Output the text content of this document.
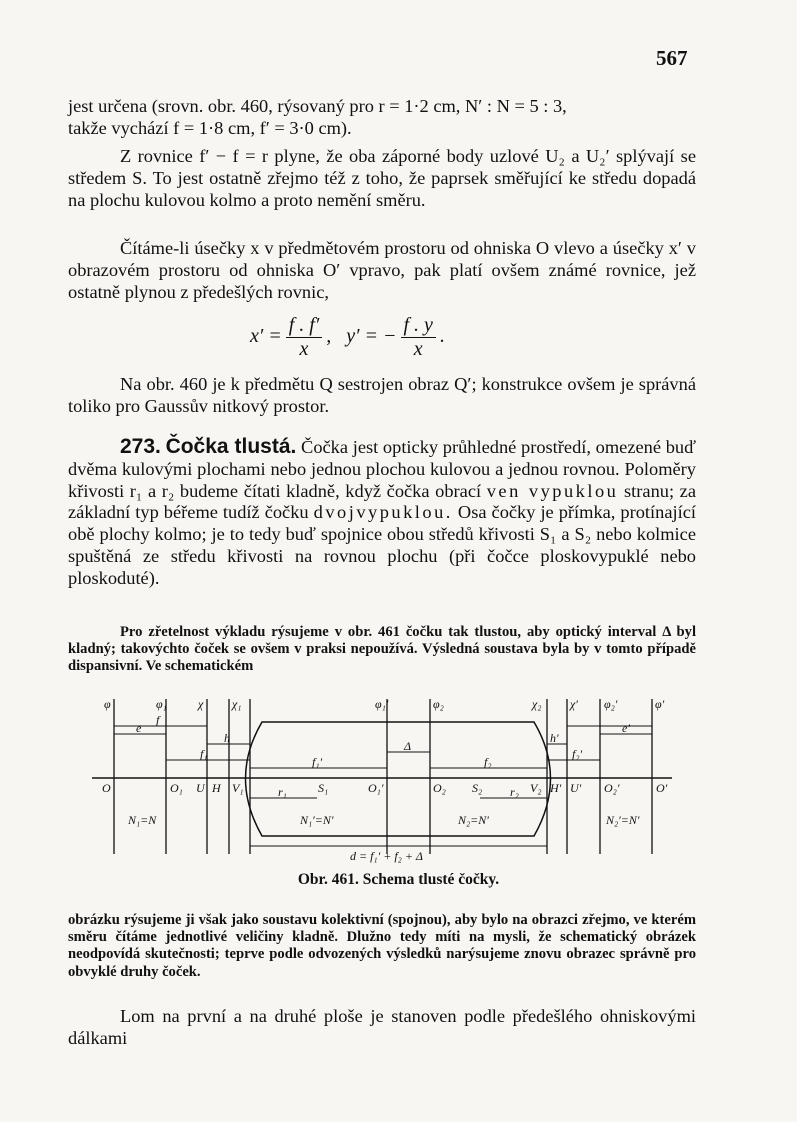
567
jest určena (srovn. obr. 460, rýsovaný pro r = 1·2 cm, N′ : N = 5 : 3,
takže vychází f = 1·8 cm, f′ = 3·0 cm).

Z rovnice f′ − f = r plyne, že oba záporné body uzlové U₂ a U₂′ splývají se středem S. To jest ostatně zřejmo též z toho, že paprsek směřující ke středu dopadá na plochu kulovou kolmo a proto nemění směru.

Čítáme-li úsečky x v předmětovém prostoru od ohniska O vlevo a úsečky x′ v obrazovém prostoru od ohniska O′ vpravo, pak platí ovšem známé rovnice, jež ostatně plynou z předešlých rovnic,

$x' = \frac{f . f'}{x}$ , y′ = − $\frac{f . y}{x}$ .

Na obr. 460 je k předmětu Q sestrojen obraz Q′; konstrukce ovšem je správná toliko pro Gaussův nitkový prostor.

273. Čočka tlustá. Čočka jest opticky průhledné prostředí, omezené buď dvěma kulovými plochami nebo jednou plochou kulovou a jednou rovnou. Poloměry křivosti r₁ a r₂ budeme čítati kladně, když čočka obrací ven vypuklou stranu; za základní typ béřeme tudíž čočku dvojvypuklou. Osa čočky je přímka, protínající obě plochy kolmo; je to tedy buď spojnice obou středů křivosti S₁ a S₂ nebo kolmice spuštěná ze středu křivosti na rovnou plochu (při čočce ploskovypuklé nebo ploskoduté).

Pro zřetelnost výkladu rýsujeme v obr. 461 čočku tak tlustou, aby optický interval Δ byl kladný; takovýchto čoček se ovšem v praksi nepoužívá. Výsledná soustava byla by v tomto případě dispansivní. Ve schematickém

φ	φ₁	χ χ₁	φ₁′	φ₂	χ₂ χ′ φ₂′	φ′
e
f
h
f₁
f₁′
Δ
f₂
f₂′
h′
e′
r₁	r₂
O	O₁ U H V₁	S₁	O₁′	O₂ S₂	V₂ H′ U′ O₂′	O′
N₁=N	N₁′=N′	N₂=N′	N₂′=N′
d = f₁′ + f₂ + Δ
Obr. 461. Schema tlusté čočky.

obrázku rýsujeme ji však jako soustavu kolektivní (spojnou), aby bylo na obrazci zřejmo, ve kterém směru čítáme jednotlivé veličiny kladně. Dlužno tedy míti na mysli, že schematický obrázek neodpovídá skutečnosti; teprve podle odvozených výsledků narýsujeme znovu obrazec správně pro obvyklé druhy čoček.

Lom na první a na druhé ploše je stanoven podle předešlého ohniskovými dálkami
